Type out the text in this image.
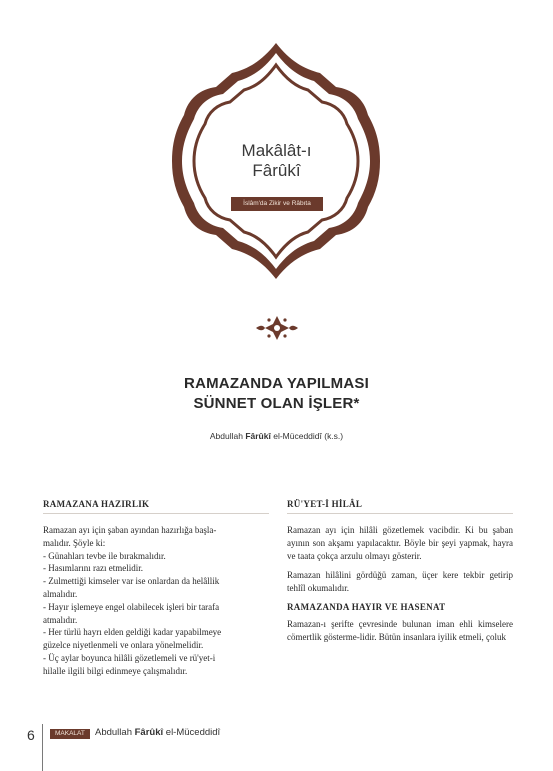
Makâlât-ı
Fârûkî
İslâm'da Zikir ve Râbıta
RAMAZANDA YAPILMASI
SÜNNET OLAN İŞLER*
Abdullah Fârûkî el-Müceddidî (k.s.)
RAMAZANA HAZIRLIK
Ramazan ayı için şaban ayından hazırlığa başla-
malıdır. Şöyle ki:
- Günahları tevbe ile bırakmalıdır.
- Hasımlarını razı etmelidir.
- Zulmettiği kimseler var ise onlardan da helâllik
almalıdır.
- Hayır işlemeye engel olabilecek işleri bir tarafa
atmalıdır.
- Her türlü hayrı elden geldiği kadar yapabilmeye
güzelce niyetlenmeli ve onlara yönelmelidir.
- Üç aylar boyunca hilâli gözetlemeli ve rü'yet-i
hilalle ilgili bilgi edinmeye çalışmalıdır.
RÜ'YET-İ HİLÂL

Ramazan ayı için hilâli gözetlemek vacibdir. Ki bu şaban ayının son akşamı yapılacaktır. Böyle bir şeyi yapmak, hayra ve taata çokça arzulu olmayı gösterir.

Ramazan hilâlini gördüğü zaman, üçer kere tekbir getirip tehlîl okumalıdır.

RAMAZANDA HAYIR VE HASENAT

Ramazan-ı şerifte çevresinde bulunan iman ehli kimselere cömertlik gösterme-lidir. Bütün insanlara iyilik etmeli, çoluk

6	MAKALAT	Abdullah Fârûkî el-Müceddidî
